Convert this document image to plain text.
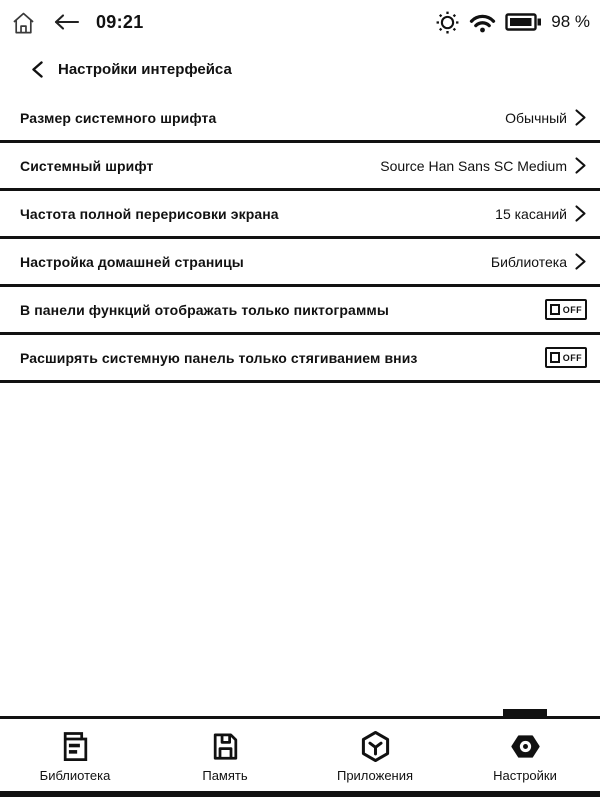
09:21	98 %
Настройки интерфейса
Размер системного шрифта	Обычный
Системный шрифт	Source Han Sans SC Medium
Частота полной перерисовки экрана	15 касаний
Настройка домашней страницы	Библиотека
В панели функций отображать только пиктограммы	OFF
Расширять системную панель только стягиванием вниз	OFF
Библиотека	Память	Приложения	Настройки
